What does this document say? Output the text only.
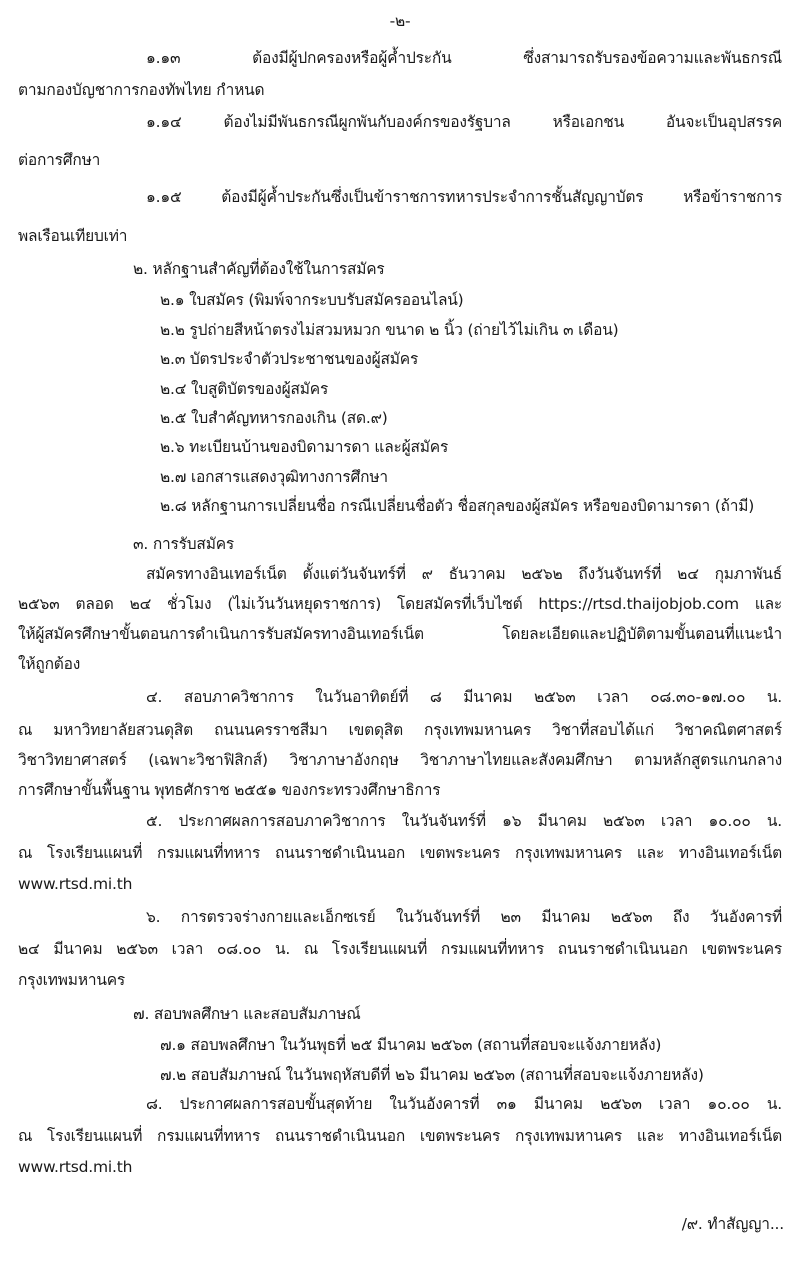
-๒-
๑.๑๓ ต้องมีผู้ปกครองหรือผู้ค้ำประกัน ซึ่งสามารถรับรองข้อความและพันธกรณี
ตามกองบัญชาการกองทัพไทย กำหนด
๑.๑๔ ต้องไม่มีพันธกรณีผูกพันกับองค์กรของรัฐบาล หรือเอกชน อันจะเป็นอุปสรรค
ต่อการศึกษา
๑.๑๕ ต้องมีผู้ค้ำประกันซึ่งเป็นข้าราชการทหารประจำการชั้นสัญญาบัตร หรือข้าราชการ
พลเรือนเทียบเท่า
๒. หลักฐานสำคัญที่ต้องใช้ในการสมัคร
๒.๑ ใบสมัคร (พิมพ์จากระบบรับสมัครออนไลน์)
๒.๒ รูปถ่ายสีหน้าตรงไม่สวมหมวก ขนาด ๒ นิ้ว (ถ่ายไว้ไม่เกิน ๓ เดือน)
๒.๓ บัตรประจำตัวประชาชนของผู้สมัคร
๒.๔ ใบสูติบัตรของผู้สมัคร
๒.๕ ใบสำคัญทหารกองเกิน (สด.๙)
๒.๖ ทะเบียนบ้านของบิดามารดา และผู้สมัคร
๒.๗ เอกสารแสดงวุฒิทางการศึกษา
๒.๘ หลักฐานการเปลี่ยนชื่อ กรณีเปลี่ยนชื่อตัว ชื่อสกุลของผู้สมัคร หรือของบิดามารดา (ถ้ามี)
๓. การรับสมัคร
สมัครทางอินเทอร์เน็ต ตั้งแต่วันจันทร์ที่ ๙ ธันวาคม ๒๕๖๒ ถึงวันจันทร์ที่ ๒๔ กุมภาพันธ์
๒๕๖๓ ตลอด ๒๔ ชั่วโมง (ไม่เว้นวันหยุดราชการ) โดยสมัครที่เว็บไซต์ https://rtsd.thaijobjob.com และ
ให้ผู้สมัครศึกษาขั้นตอนการดำเนินการรับสมัครทางอินเทอร์เน็ต โดยละเอียดและปฏิบัติตามขั้นตอนที่แนะนำ
ให้ถูกต้อง
๔. สอบภาควิชาการ ในวันอาทิตย์ที่ ๘ มีนาคม ๒๕๖๓ เวลา ๐๘.๓๐-๑๗.๐๐ น.
ณ มหาวิทยาลัยสวนดุสิต ถนนนครราชสีมา เขตดุสิต กรุงเทพมหานคร วิชาที่สอบได้แก่ วิชาคณิตศาสตร์
วิชาวิทยาศาสตร์ (เฉพาะวิชาฟิสิกส์) วิชาภาษาอังกฤษ วิชาภาษาไทยและสังคมศึกษา ตามหลักสูตรแกนกลาง
การศึกษาขั้นพื้นฐาน พุทธศักราช ๒๕๕๑ ของกระทรวงศึกษาธิการ
๕. ประกาศผลการสอบภาควิชาการ ในวันจันทร์ที่ ๑๖ มีนาคม ๒๕๖๓ เวลา ๑๐.๐๐ น.
ณ โรงเรียนแผนที่ กรมแผนที่ทหาร ถนนราชดำเนินนอก เขตพระนคร กรุงเทพมหานคร และ ทางอินเทอร์เน็ต
www.rtsd.mi.th
๖. การตรวจร่างกายและเอ็กซเรย์ ในวันจันทร์ที่ ๒๓ มีนาคม ๒๕๖๓ ถึง วันอังคารที่
๒๔ มีนาคม ๒๕๖๓ เวลา ๐๘.๐๐ น. ณ โรงเรียนแผนที่ กรมแผนที่ทหาร ถนนราชดำเนินนอก เขตพระนคร
กรุงเทพมหานคร
๗. สอบพลศึกษา และสอบสัมภาษณ์
๗.๑ สอบพลศึกษา ในวันพุธที่ ๒๕ มีนาคม ๒๕๖๓ (สถานที่สอบจะแจ้งภายหลัง)
๗.๒ สอบสัมภาษณ์ ในวันพฤหัสบดีที่ ๒๖ มีนาคม ๒๕๖๓ (สถานที่สอบจะแจ้งภายหลัง)
๘. ประกาศผลการสอบขั้นสุดท้าย ในวันอังคารที่ ๓๑ มีนาคม ๒๕๖๓ เวลา ๑๐.๐๐ น.
ณ โรงเรียนแผนที่ กรมแผนที่ทหาร ถนนราชดำเนินนอก เขตพระนคร กรุงเทพมหานคร และ ทางอินเทอร์เน็ต
www.rtsd.mi.th
/๙. ทำสัญญา...
